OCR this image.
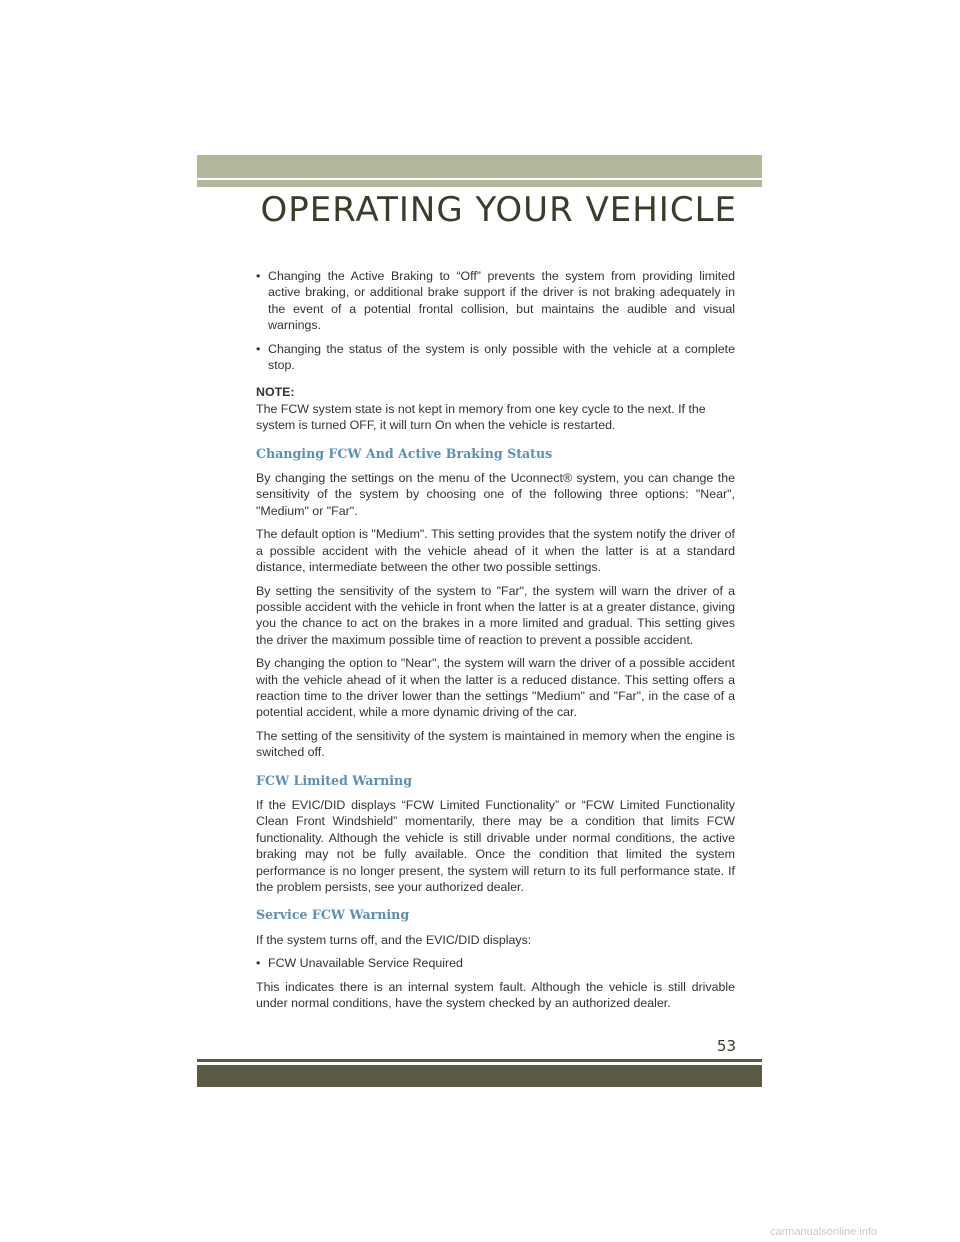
OPERATING YOUR VEHICLE
• Changing the Active Braking to “Off” prevents the system from providing limited active braking, or additional brake support if the driver is not braking adequately in the event of a potential frontal collision, but maintains the audible and visual warnings.
• Changing the status of the system is only possible with the vehicle at a complete stop.
NOTE:

The FCW system state is not kept in memory from one key cycle to the next. If the system is turned OFF, it will turn On when the vehicle is restarted.

Changing FCW And Active Braking Status

By changing the settings on the menu of the Uconnect® system, you can change the sensitivity of the system by choosing one of the following three options: "Near", "Medium" or "Far".

The default option is "Medium". This setting provides that the system notify the driver of a possible accident with the vehicle ahead of it when the latter is at a standard distance, intermediate between the other two possible settings.

By setting the sensitivity of the system to "Far", the system will warn the driver of a possible accident with the vehicle in front when the latter is at a greater distance, giving you the chance to act on the brakes in a more limited and gradual. This setting gives the driver the maximum possible time of reaction to prevent a possible accident.

By changing the option to "Near", the system will warn the driver of a possible accident with the vehicle ahead of it when the latter is a reduced distance. This setting offers a reaction time to the driver lower than the settings "Medium" and "Far", in the case of a potential accident, while a more dynamic driving of the car.

The setting of the sensitivity of the system is maintained in memory when the engine is switched off.

FCW Limited Warning

If the EVIC/DID displays “FCW Limited Functionality” or “FCW Limited Functionality Clean Front Windshield” momentarily, there may be a condition that limits FCW functionality. Although the vehicle is still drivable under normal conditions, the active braking may not be fully available. Once the condition that limited the system performance is no longer present, the system will return to its full performance state. If the problem persists, see your authorized dealer.

Service FCW Warning

If the system turns off, and the EVIC/DID displays:

• FCW Unavailable Service Required

This indicates there is an internal system fault. Although the vehicle is still drivable under normal conditions, have the system checked by an authorized dealer.

53
carmanualsonline.info
